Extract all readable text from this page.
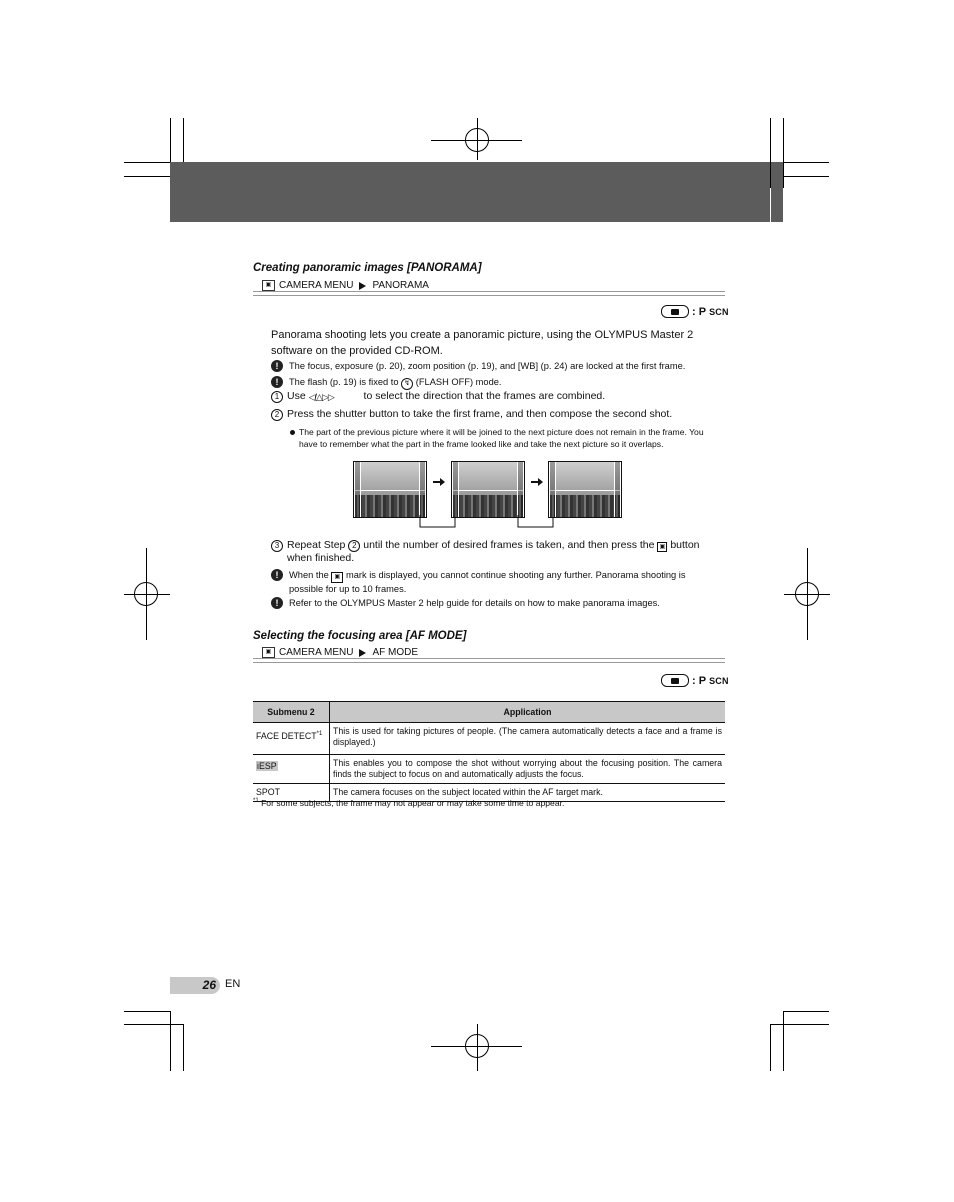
Creating panoramic images [PANORAMA]
▣ CAMERA MENU PANORAMA
: P SCN
Panorama shooting lets you create a panoramic picture, using the OLYMPUS Master 2 software on the provided CD-ROM.
!	The focus, exposure (p. 20), zoom position (p. 19), and [WB] (p. 24) are locked at the first frame.
!	The flash (p. 19) is fixed to ↯ (FLASH OFF) mode.
1 Use ◁/△▷▷	to select the direction that the frames are combined.
2 Press the shutter button to take the first frame, and then compose the second shot.
The part of the previous picture where it will be joined to the next picture does not remain in the frame. You have to remember what the part in the frame looked like and take the next picture so it overlaps.
3 Repeat Step 2 until the number of desired frames is taken, and then press the ▣ button when finished.
!	When the ▣ mark is displayed, you cannot continue shooting any further. Panorama shooting is possible for up to 10 frames.
!	Refer to the OLYMPUS Master 2 help guide for details on how to make panorama images.
Selecting the focusing area [AF MODE]
▣ CAMERA MENU AF MODE
: P SCN
Submenu 2	Application
FACE DETECT$^{*1}$	This is used for taking pictures of people. (The camera automatically detects a face and a frame is displayed.)
iESP	This enables you to compose the shot without worrying about the focusing position. The camera finds the subject to focus on and automatically adjusts the focus.
SPOT	The camera focuses on the subject located within the AF target mark.
$^{*1}$ For some subjects, the frame may not appear or may take some time to appear.
26 EN
